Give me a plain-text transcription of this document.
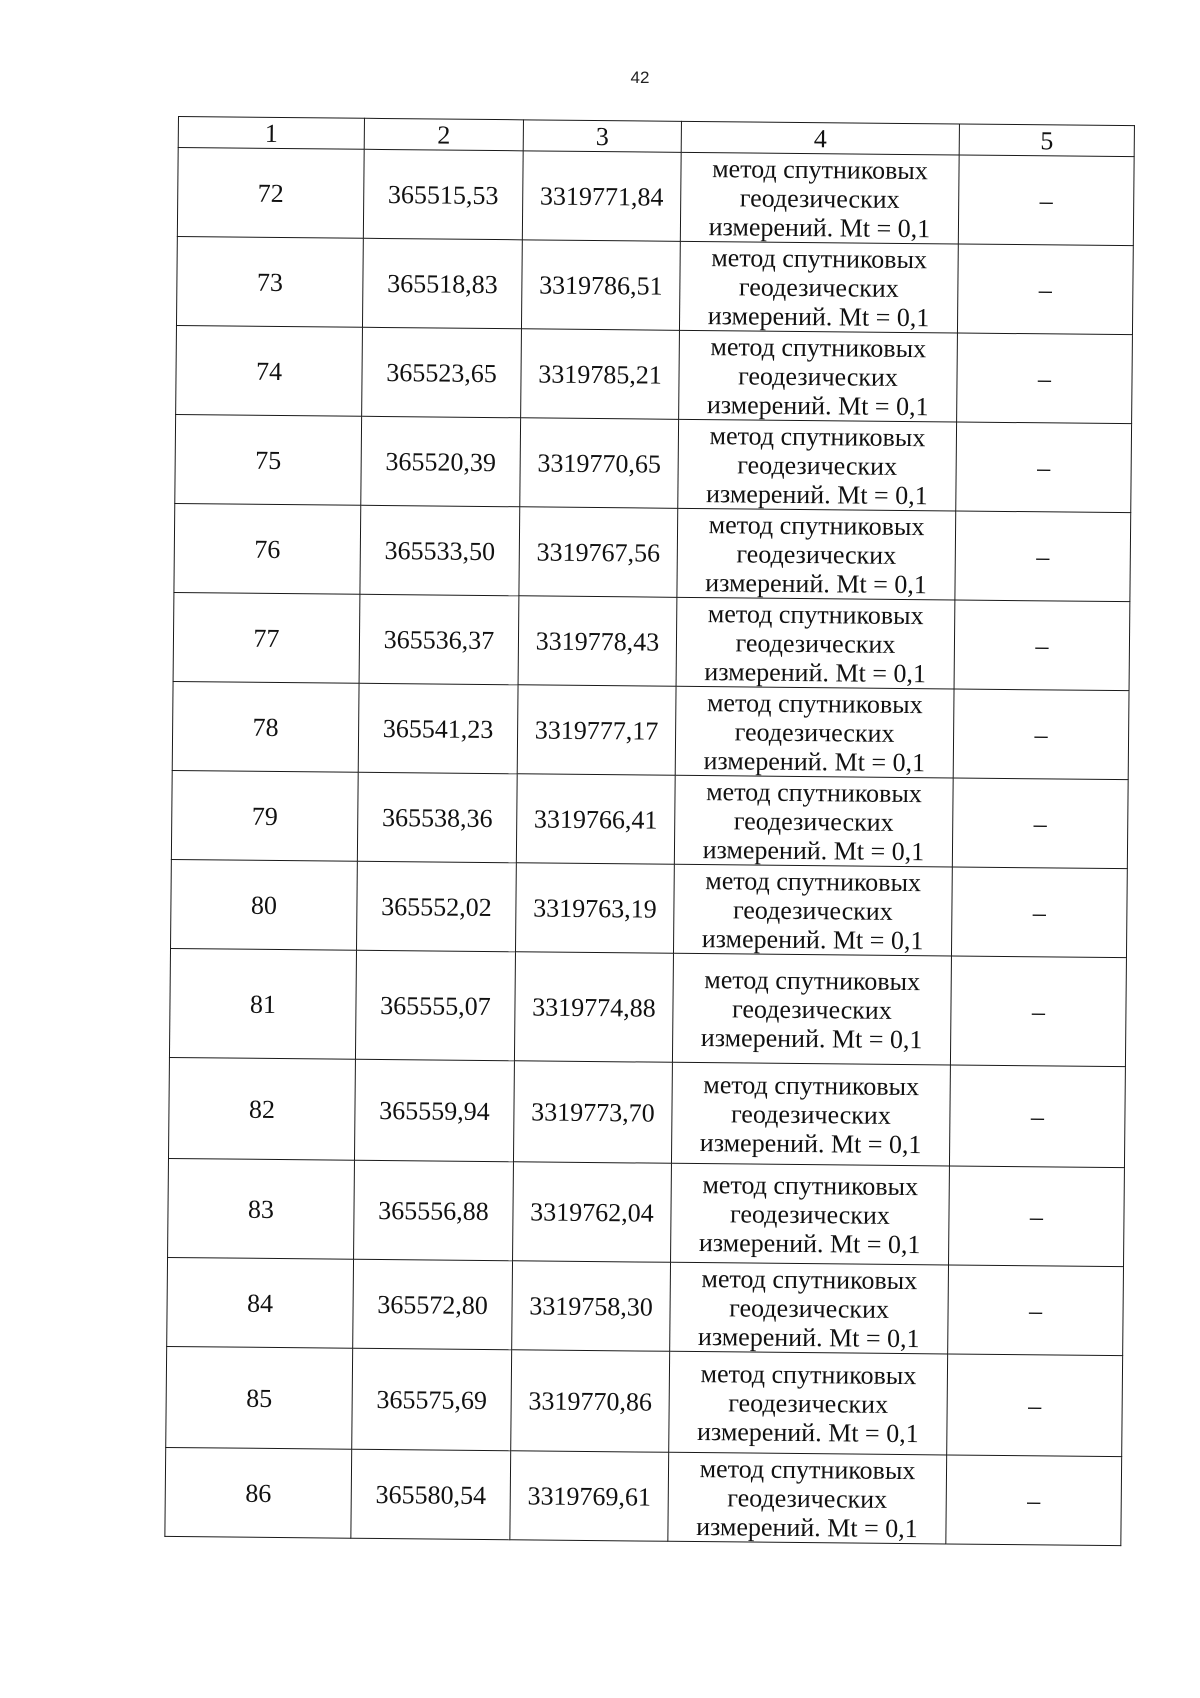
42
1	2	3	4	5
72	365515,53	3319771,84	метод спутниковых геодезических измерений. Mt = 0,1	–
73	365518,83	3319786,51	метод спутниковых геодезических измерений. Mt = 0,1	–
74	365523,65	3319785,21	метод спутниковых геодезических измерений. Mt = 0,1	–
75	365520,39	3319770,65	метод спутниковых геодезических измерений. Mt = 0,1	–
76	365533,50	3319767,56	метод спутниковых геодезических измерений. Mt = 0,1	–
77	365536,37	3319778,43	метод спутниковых геодезических измерений. Mt = 0,1	–
78	365541,23	3319777,17	метод спутниковых геодезических измерений. Mt = 0,1	–
79	365538,36	3319766,41	метод спутниковых геодезических измерений. Mt = 0,1	–
80	365552,02	3319763,19	метод спутниковых геодезических измерений. Mt = 0,1	–
81	365555,07	3319774,88	метод спутниковых геодезических измерений. Mt = 0,1	–
82	365559,94	3319773,70	метод спутниковых геодезических измерений. Mt = 0,1	–
83	365556,88	3319762,04	метод спутниковых геодезических измерений. Mt = 0,1	–
84	365572,80	3319758,30	метод спутниковых геодезических измерений. Mt = 0,1	–
85	365575,69	3319770,86	метод спутниковых геодезических измерений. Mt = 0,1	–
86	365580,54	3319769,61	метод спутниковых геодезических измерений. Mt = 0,1	–
